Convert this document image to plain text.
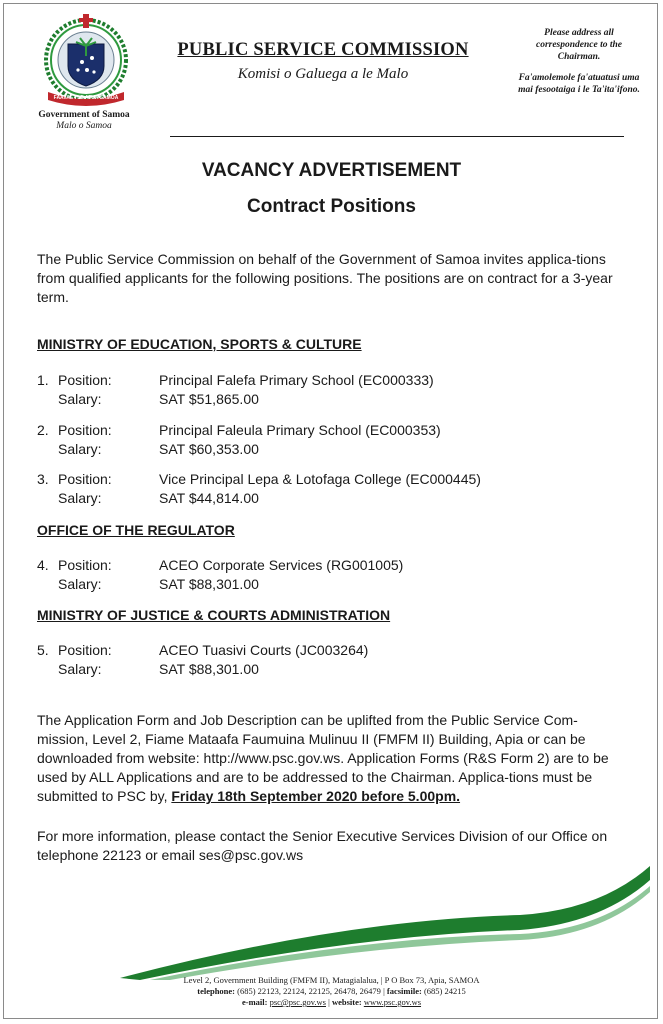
FAAVAE I LE ATUA SAMOA
Government of Samoa
Malo o Samoa
PUBLIC SERVICE COMMISSION
Komisi o Galuega a le Malo
Please address all correspondence to the Chairman.
Fa'amolemole fa'atuatusi uma mai fesootaiga i le Ta'ita'ifono.
VACANCY ADVERTISEMENT
Contract Positions
The Public Service Commission on behalf of the Government of Samoa invites applica-tions from qualified applicants for the following positions. The positions are on contract for a 3-year term.
MINISTRY OF EDUCATION, SPORTS & CULTURE
1. Position:	Principal Falefa Primary School (EC000333)
Salary:	SAT $51,865.00
2. Position:	Principal Faleula Primary School (EC000353)
Salary:	SAT $60,353.00
3. Position:	Vice Principal Lepa & Lotofaga College (EC000445)
Salary:	SAT $44,814.00
OFFICE OF THE REGULATOR
4. Position:	ACEO Corporate Services (RG001005)
Salary:	SAT $88,301.00
MINISTRY OF JUSTICE & COURTS ADMINISTRATION
5. Position:	ACEO Tuasivi Courts (JC003264)
Salary:	SAT $88,301.00
The Application Form and Job Description can be uplifted from the Public Service Com-mission, Level 2, Fiame Mataafa Faumuina Mulinuu II (FMFM II) Building, Apia or can be downloaded from website: http://www.psc.gov.ws. Application Forms (R&S Form 2) are to be used by ALL Applications and are to be addressed to the Chairman. Applica-tions must be submitted to PSC by, Friday 18th September 2020 before 5.00pm.
For more information, please contact the Senior Executive Services Division of our Office on telephone 22123 or email ses@psc.gov.ws
Level 2, Government Building (FMFM II), Matagialalua, | P O Box 73, Apia, SAMOA
telephone: (685) 22123, 22124, 22125, 26478, 26479 | facsimile: (685) 24215
e-mail: psc@psc.gov.ws | website: www.psc.gov.ws
